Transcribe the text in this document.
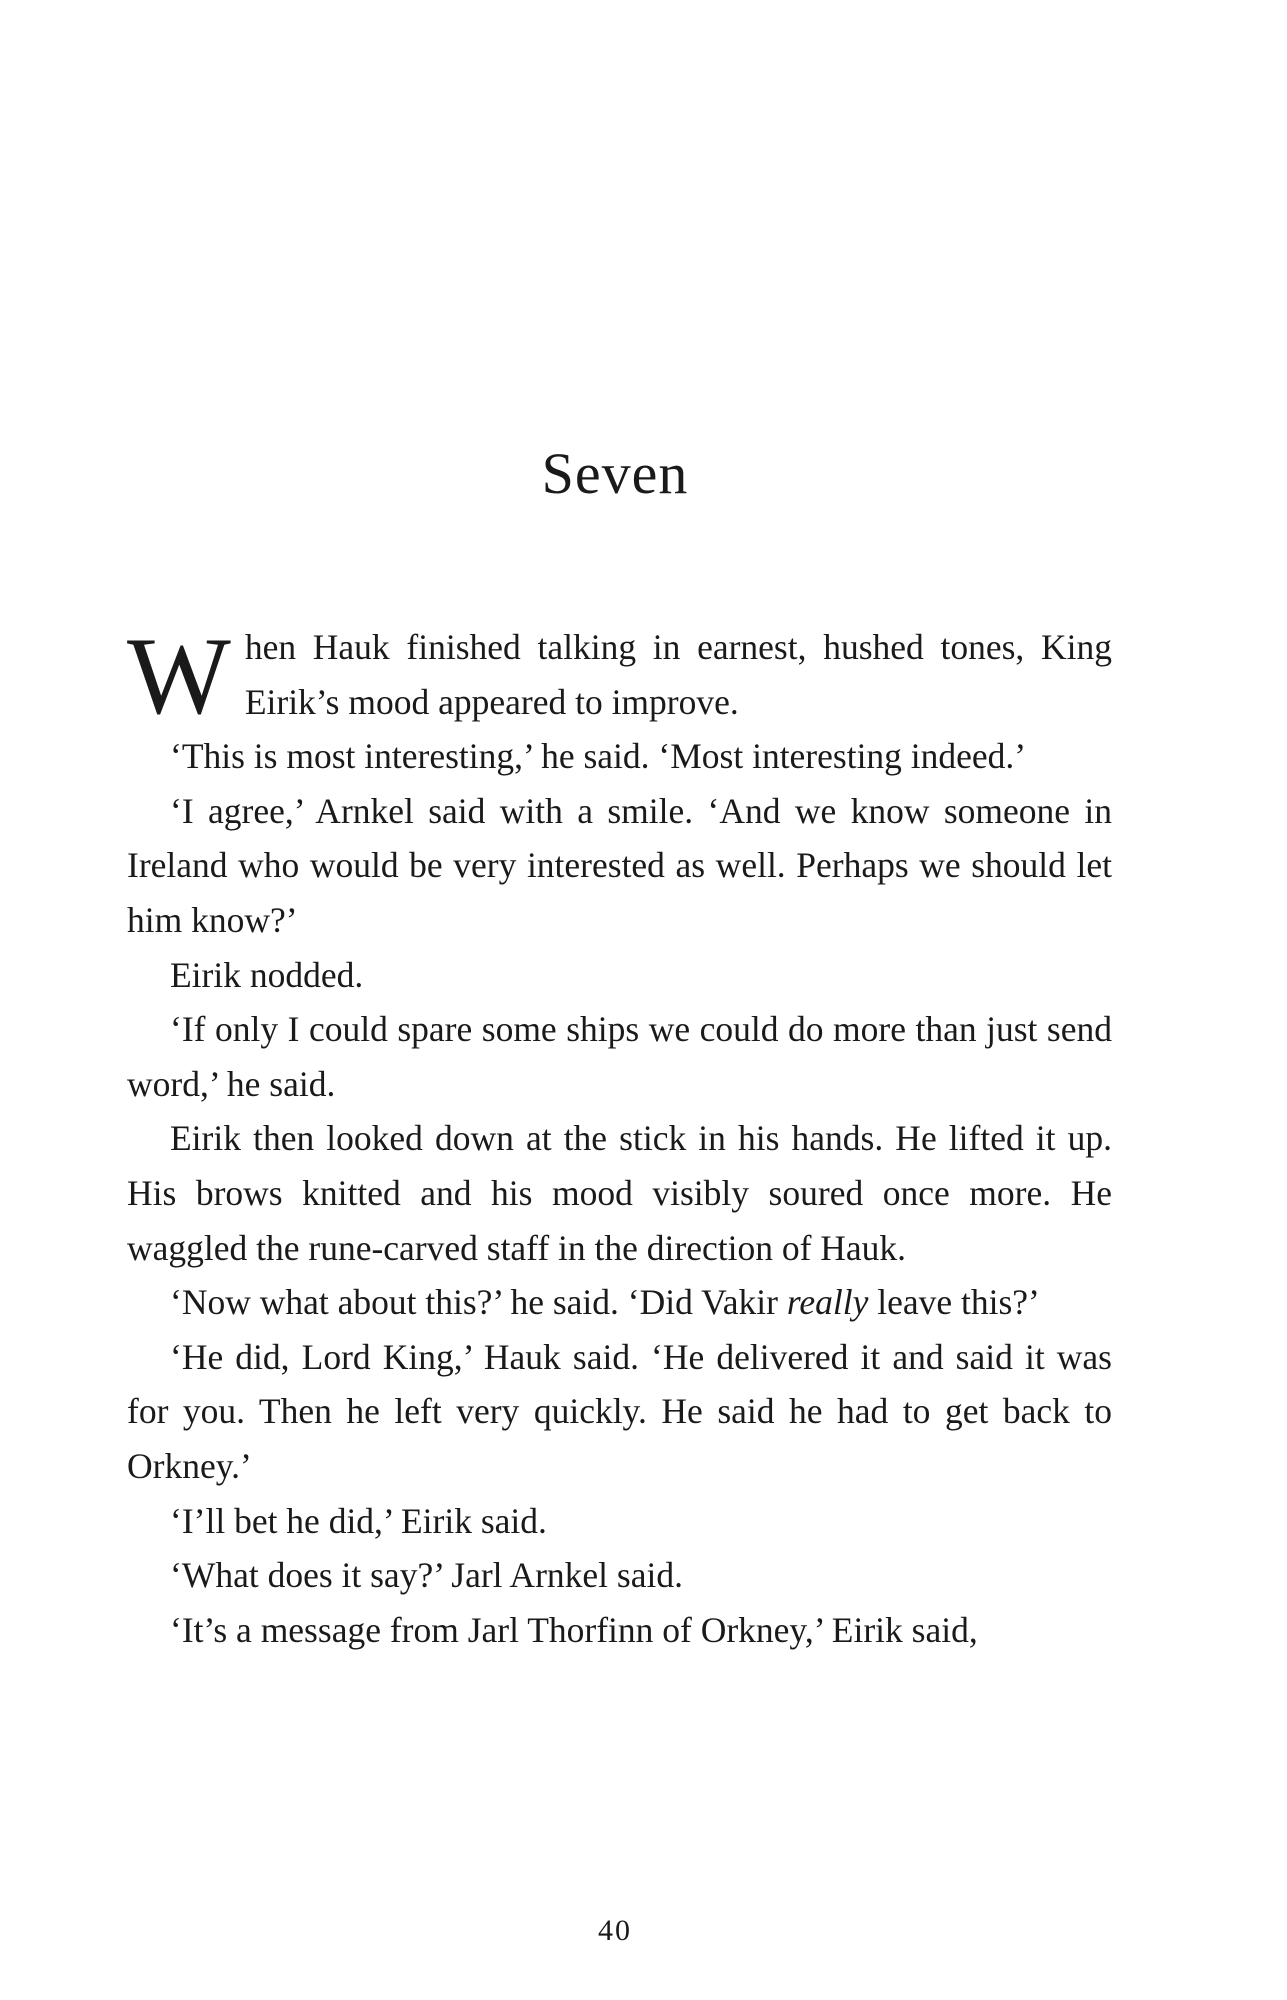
Seven

When Hauk finished talking in earnest, hushed tones, King Eirik’s mood appeared to improve.

‘This is most interesting,’ he said. ‘Most interesting indeed.’

‘I agree,’ Arnkel said with a smile. ‘And we know someone in Ireland who would be very interested as well. Perhaps we should let him know?’

Eirik nodded.

‘If only I could spare some ships we could do more than just send word,’ he said.

Eirik then looked down at the stick in his hands. He lifted it up. His brows knitted and his mood visibly soured once more. He waggled the rune-carved staff in the direction of Hauk.

‘Now what about this?’ he said. ‘Did Vakir really leave this?’

‘He did, Lord King,’ Hauk said. ‘He delivered it and said it was for you. Then he left very quickly. He said he had to get back to Orkney.’

‘I’ll bet he did,’ Eirik said.

‘What does it say?’ Jarl Arnkel said.

‘It’s a message from Jarl Thorfinn of Orkney,’ Eirik said,

40
